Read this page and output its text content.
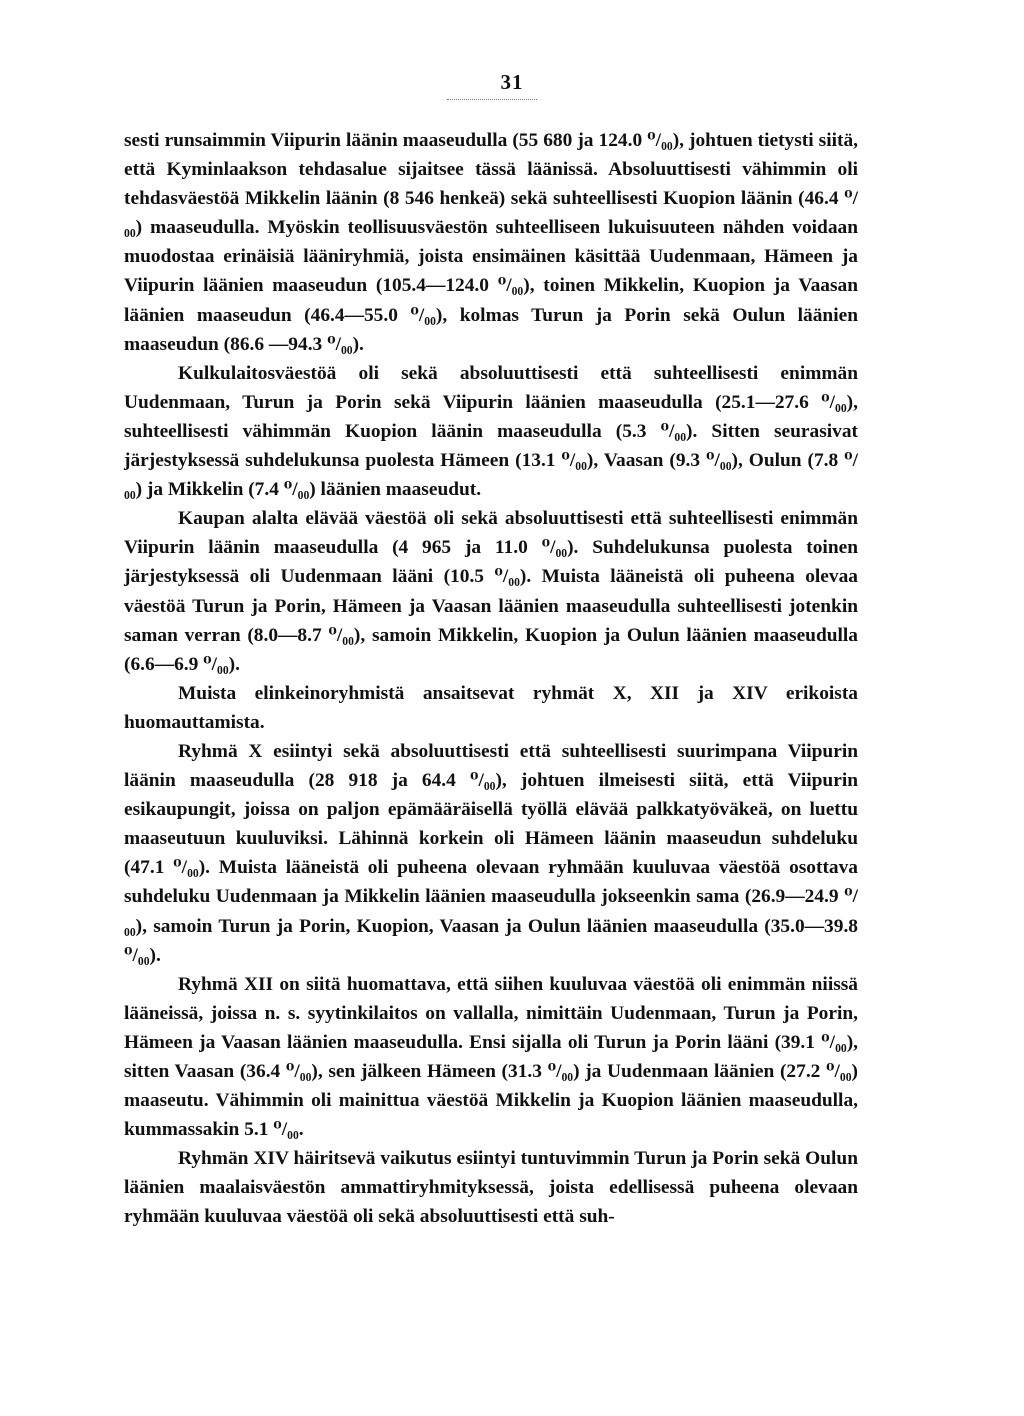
31

sesti runsaimmin Viipurin läänin maaseudulla (55 680 ja 124.0 ⁰/₀₀), johtuen tietysti siitä, että Kyminlaakson tehdasalue sijaitsee tässä läänissä. Absoluuttisesti vähimmin oli tehdasväestöä Mikkelin läänin (8 546 henkeä) sekä suhteellisesti Kuopion läänin (46.4 ⁰/₀₀) maaseudulla. Myöskin teollisuusväestön suhteelliseen lukuisuuteen nähden voidaan muodostaa erinäisiä lääniryhmiä, joista ensimäinen käsittää Uudenmaan, Hämeen ja Viipurin läänien maaseudun (105.4—124.0 ⁰/₀₀), toinen Mikkelin, Kuopion ja Vaasan läänien maaseudun (46.4—55.0 ⁰/₀₀), kolmas Turun ja Porin sekä Oulun läänien maaseudun (86.6 —94.3 ⁰/₀₀).

Kulkulaitosväestöä oli sekä absoluuttisesti että suhteellisesti enimmän Uudenmaan, Turun ja Porin sekä Viipurin läänien maaseudulla (25.1—27.6 ⁰/₀₀), suhteellisesti vähimmän Kuopion läänin maaseudulla (5.3 ⁰/₀₀). Sitten seurasivat järjestyksessä suhdelukunsa puolesta Hämeen (13.1 ⁰/₀₀), Vaasan (9.3 ⁰/₀₀), Oulun (7.8 ⁰/₀₀) ja Mikkelin (7.4 ⁰/₀₀) läänien maaseudut.

Kaupan alalta elävää väestöä oli sekä absoluuttisesti että suhteellisesti enimmän Viipurin läänin maaseudulla (4 965 ja 11.0 ⁰/₀₀). Suhdelukunsa puolesta toinen järjestyksessä oli Uudenmaan lääni (10.5 ⁰/₀₀). Muista lääneistä oli puheena olevaa väestöä Turun ja Porin, Hämeen ja Vaasan läänien maaseudulla suhteellisesti jotenkin saman verran (8.0—8.7 ⁰/₀₀), samoin Mikkelin, Kuopion ja Oulun läänien maaseudulla (6.6—6.9 ⁰/₀₀).

Muista elinkeinoryhmistä ansaitsevat ryhmät X, XII ja XIV erikoista huomauttamista.

Ryhmä X esiintyi sekä absoluuttisesti että suhteellisesti suurimpana Viipurin läänin maaseudulla (28 918 ja 64.4 ⁰/₀₀), johtuen ilmeisesti siitä, että Viipurin esikaupungit, joissa on paljon epämääräisellä työllä elävää palkkatyöväkeä, on luettu maaseutuun kuuluviksi. Lähinnä korkein oli Hämeen läänin maaseudun suhdeluku (47.1 ⁰/₀₀). Muista lääneistä oli puheena olevaan ryhmään kuuluvaa väestöä osottava suhdeluku Uudenmaan ja Mikkelin läänien maaseudulla jokseenkin sama (26.9—24.9 ⁰/₀₀), samoin Turun ja Porin, Kuopion, Vaasan ja Oulun läänien maaseudulla (35.0—39.8 ⁰/₀₀).

Ryhmä XII on siitä huomattava, että siihen kuuluvaa väestöä oli enimmän niissä lääneissä, joissa n. s. syytinkilaitos on vallalla, nimittäin Uudenmaan, Turun ja Porin, Hämeen ja Vaasan läänien maaseudulla. Ensi sijalla oli Turun ja Porin lääni (39.1 ⁰/₀₀), sitten Vaasan (36.4 ⁰/₀₀), sen jälkeen Hämeen (31.3 ⁰/₀₀) ja Uudenmaan läänien (27.2 ⁰/₀₀) maaseutu. Vähimmin oli mainittua väestöä Mikkelin ja Kuopion läänien maaseudulla, kummassakin 5.1 ⁰/₀₀.

Ryhmän XIV häiritsevä vaikutus esiintyi tuntuvimmin Turun ja Porin sekä Oulun läänien maalaisväestön ammattiryhmityksessä, joista edellisessä puheena olevaan ryhmään kuuluvaa väestöä oli sekä absoluuttisesti että suh-
